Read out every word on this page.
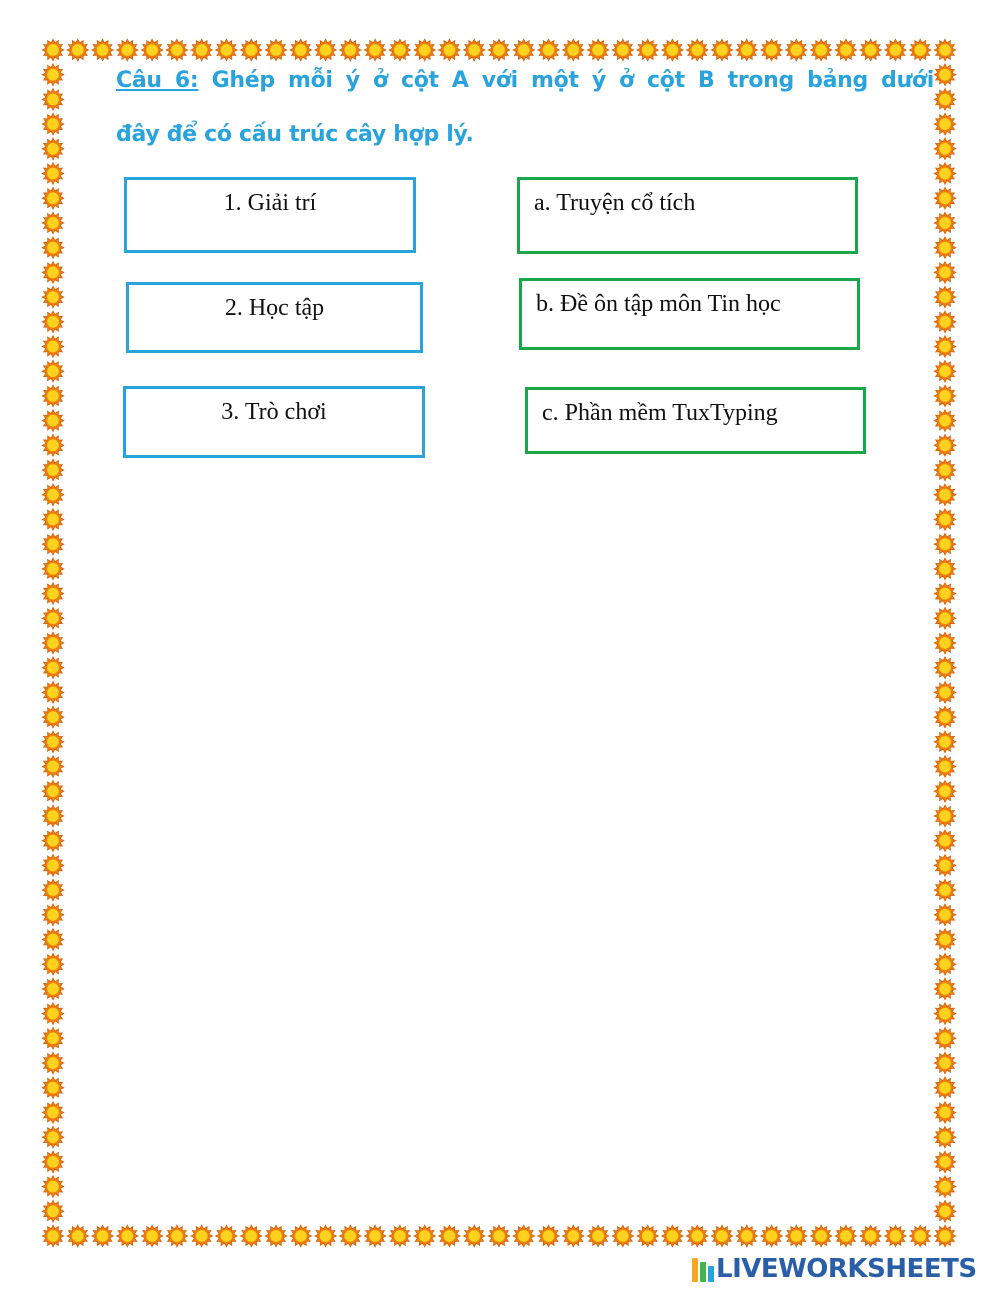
Câu 6: Ghép mỗi ý ở cột A với một ý ở cột B trong bảng dưới
đây để có cấu trúc cây hợp lý.
1. Giải trí
2. Học tập
3. Trò chơi
a. Truyện cổ tích
b. Đề ôn tập môn Tin học
c. Phần mềm TuxTyping
LIVEWORKSHEETS
